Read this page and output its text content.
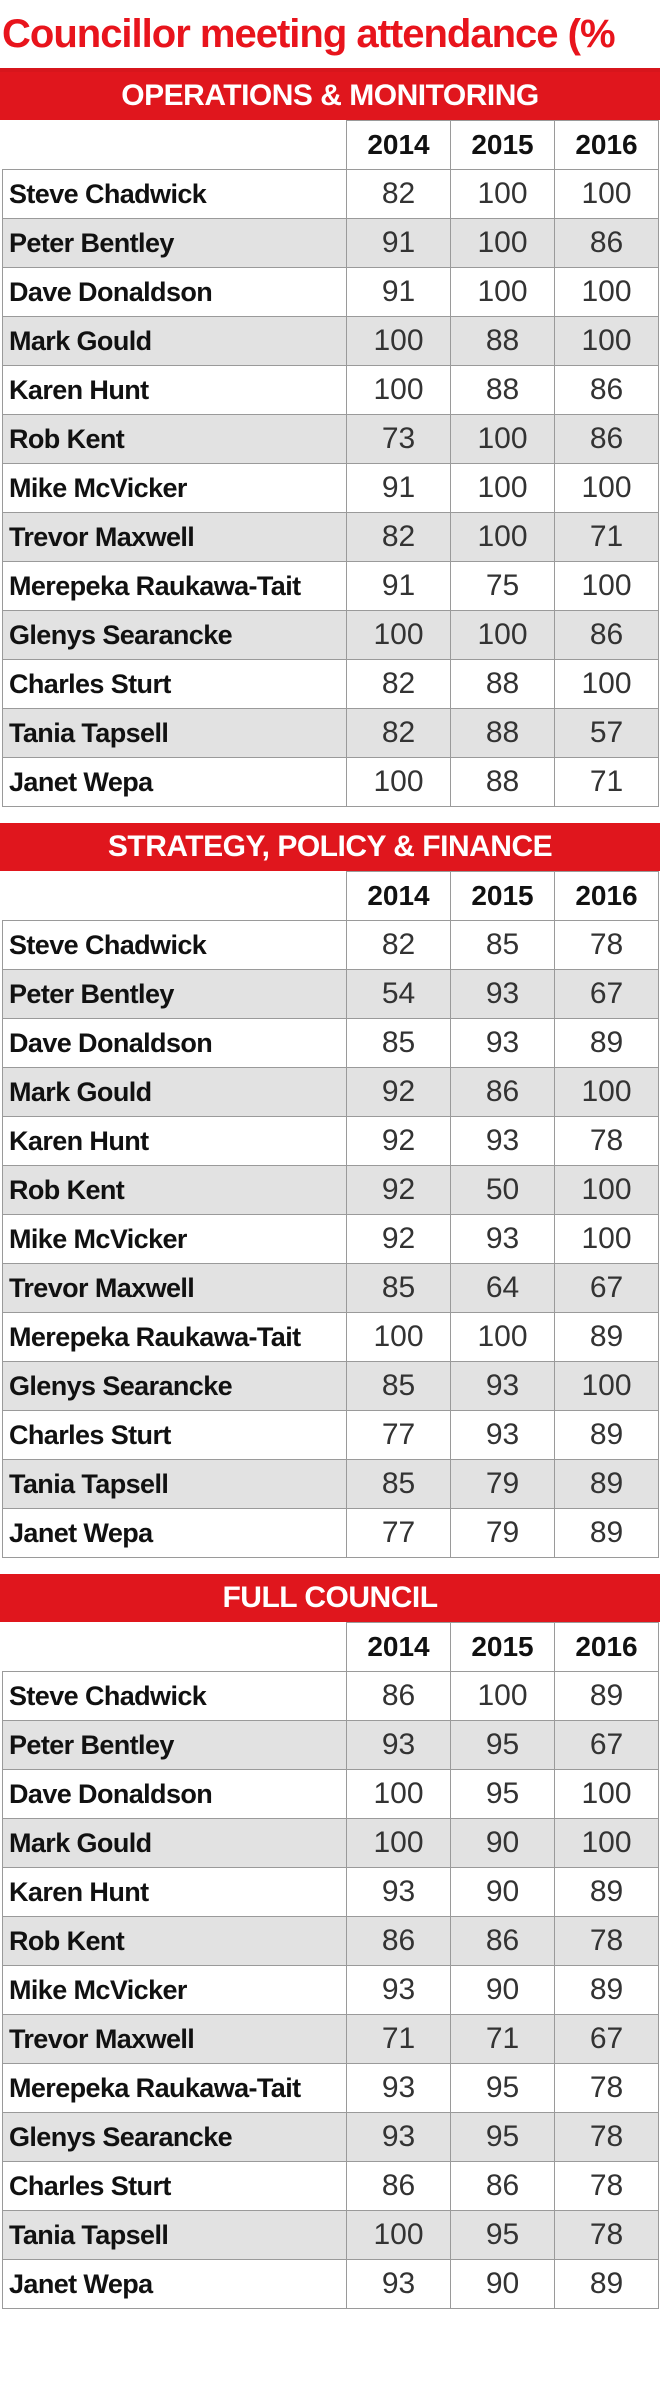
Councillor meeting attendance (%
OPERATIONS & MONITORING
	2014	2015	2016
Steve Chadwick	82	100	100
Peter Bentley	91	100	86
Dave Donaldson	91	100	100
Mark Gould	100	88	100
Karen Hunt	100	88	86
Rob Kent	73	100	86
Mike McVicker	91	100	100
Trevor Maxwell	82	100	71
Merepeka Raukawa-Tait	91	75	100
Glenys Searancke	100	100	86
Charles Sturt	82	88	100
Tania Tapsell	82	88	57
Janet Wepa	100	88	71
STRATEGY, POLICY & FINANCE
	2014	2015	2016
Steve Chadwick	82	85	78
Peter Bentley	54	93	67
Dave Donaldson	85	93	89
Mark Gould	92	86	100
Karen Hunt	92	93	78
Rob Kent	92	50	100
Mike McVicker	92	93	100
Trevor Maxwell	85	64	67
Merepeka Raukawa-Tait	100	100	89
Glenys Searancke	85	93	100
Charles Sturt	77	93	89
Tania Tapsell	85	79	89
Janet Wepa	77	79	89
FULL COUNCIL
	2014	2015	2016
Steve Chadwick	86	100	89
Peter Bentley	93	95	67
Dave Donaldson	100	95	100
Mark Gould	100	90	100
Karen Hunt	93	90	89
Rob Kent	86	86	78
Mike McVicker	93	90	89
Trevor Maxwell	71	71	67
Merepeka Raukawa-Tait	93	95	78
Glenys Searancke	93	95	78
Charles Sturt	86	86	78
Tania Tapsell	100	95	78
Janet Wepa	93	90	89
